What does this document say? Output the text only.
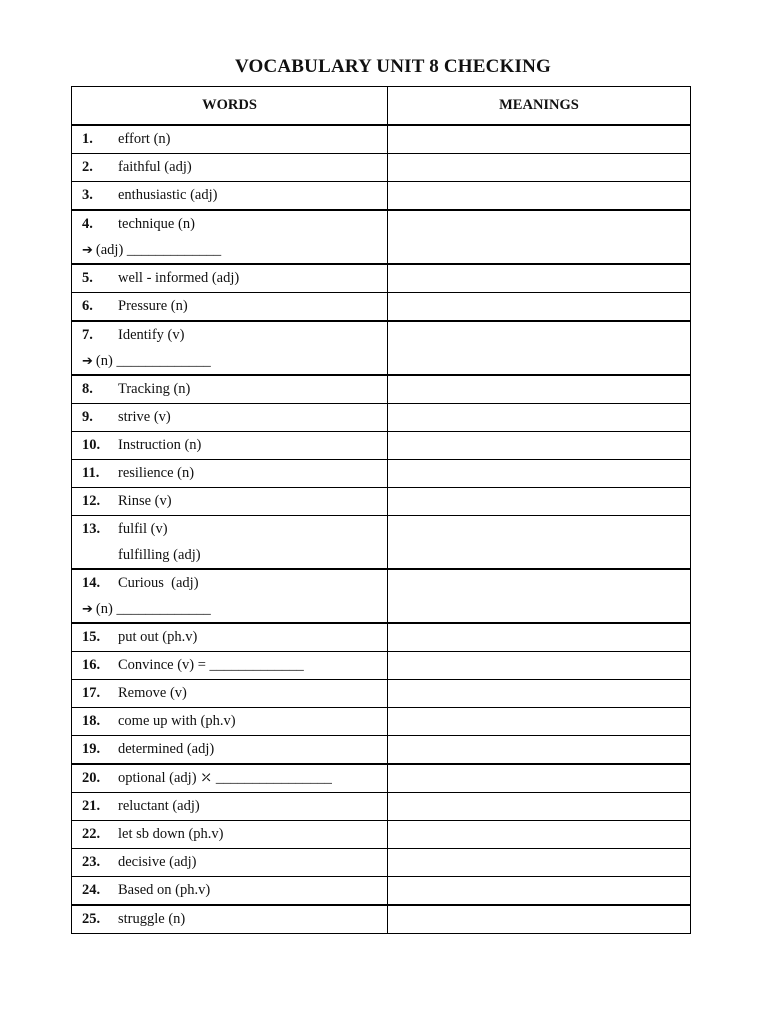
VOCABULARY UNIT 8 CHECKING
WORDS	MEANINGS

1. effort (n)	

2. faithful (adj)	

3. enthusiastic (adj)	

4. technique (n)
➔ (adj) _____________	

5. well - informed (adj)	

6. Pressure (n)	

7. Identify (v)
➔ (n) _____________	

8. Tracking (n)	

9. strive (v)	

10. Instruction (n)	

11. resilience (n)	

12. Rinse (v)	

13. fulfil (v)
fulfilling (adj)	

14. Curious  (adj)
➔ (n) _____________	

15. put out (ph.v)	

16. Convince (v) = _____________	

17. Remove (v)	

18. come up with (ph.v)	

19. determined (adj)	

20. optional (adj) ⤫ ________________	

21. reluctant (adj)	

22. let sb down (ph.v)	

23. decisive (adj)	

24. Based on (ph.v)	

25. struggle (n)	
